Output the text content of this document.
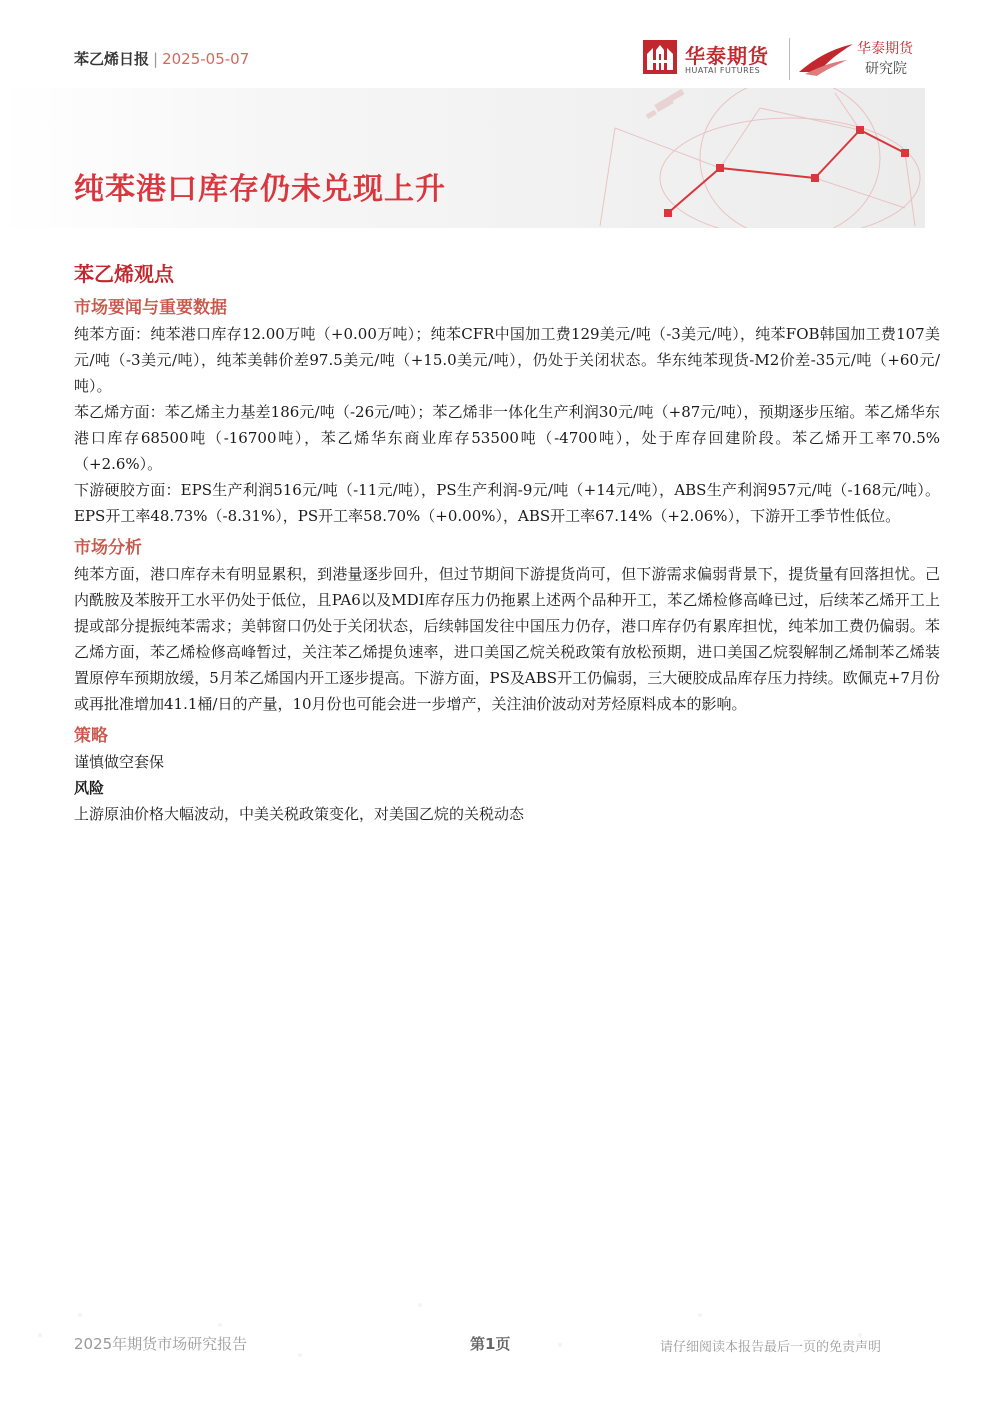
苯乙烯日报 | 2025-05-07	华泰期货
HUATAI FUTURES
华泰期货
研究院
纯苯港口库存仍未兑现上升
苯乙烯观点
市场要闻与重要数据

纯苯方面：纯苯港口库存12.00万吨（+0.00万吨）；纯苯CFR中国加工费129美元/吨（-3美元/吨），纯苯FOB韩国加工费107美元/吨（-3美元/吨），纯苯美韩价差97.5美元/吨（+15.0美元/吨），仍处于关闭状态。华东纯苯现货-M2价差-35元/吨（+60元/吨）。

苯乙烯方面：苯乙烯主力基差186元/吨（-26元/吨）；苯乙烯非一体化生产利润30元/吨（+87元/吨），预期逐步压缩。苯乙烯华东港口库存68500吨（-16700吨），苯乙烯华东商业库存53500吨（-4700吨），处于库存回建阶段。苯乙烯开工率70.5%（+2.6%）。

下游硬胶方面：EPS生产利润516元/吨（-11元/吨），PS生产利润-9元/吨（+14元/吨），ABS生产利润957元/吨（-168元/吨）。EPS开工率48.73%（-8.31%），PS开工率58.70%（+0.00%），ABS开工率67.14%（+2.06%），下游开工季节性低位。

市场分析

纯苯方面，港口库存未有明显累积，到港量逐步回升，但过节期间下游提货尚可，但下游需求偏弱背景下，提货量有回落担忧。己内酰胺及苯胺开工水平仍处于低位，且PA6以及MDI库存压力仍拖累上述两个品种开工，苯乙烯检修高峰已过，后续苯乙烯开工上提或部分提振纯苯需求；美韩窗口仍处于关闭状态，后续韩国发往中国压力仍存，港口库存仍有累库担忧，纯苯加工费仍偏弱。苯乙烯方面，苯乙烯检修高峰暂过，关注苯乙烯提负速率，进口美国乙烷关税政策有放松预期，进口美国乙烷裂解制乙烯制苯乙烯装置原停车预期放缓，5月苯乙烯国内开工逐步提高。下游方面，PS及ABS开工仍偏弱，三大硬胶成品库存压力持续。欧佩克+7月份或再批准增加41.1桶/日的产量，10月份也可能会进一步增产，关注油价波动对芳烃原料成本的影响。

策略

谨慎做空套保

风险

上游原油价格大幅波动，中美关税政策变化，对美国乙烷的关税动态

2025年期货市场研究报告	第1页	请仔细阅读本报告最后一页的免责声明
